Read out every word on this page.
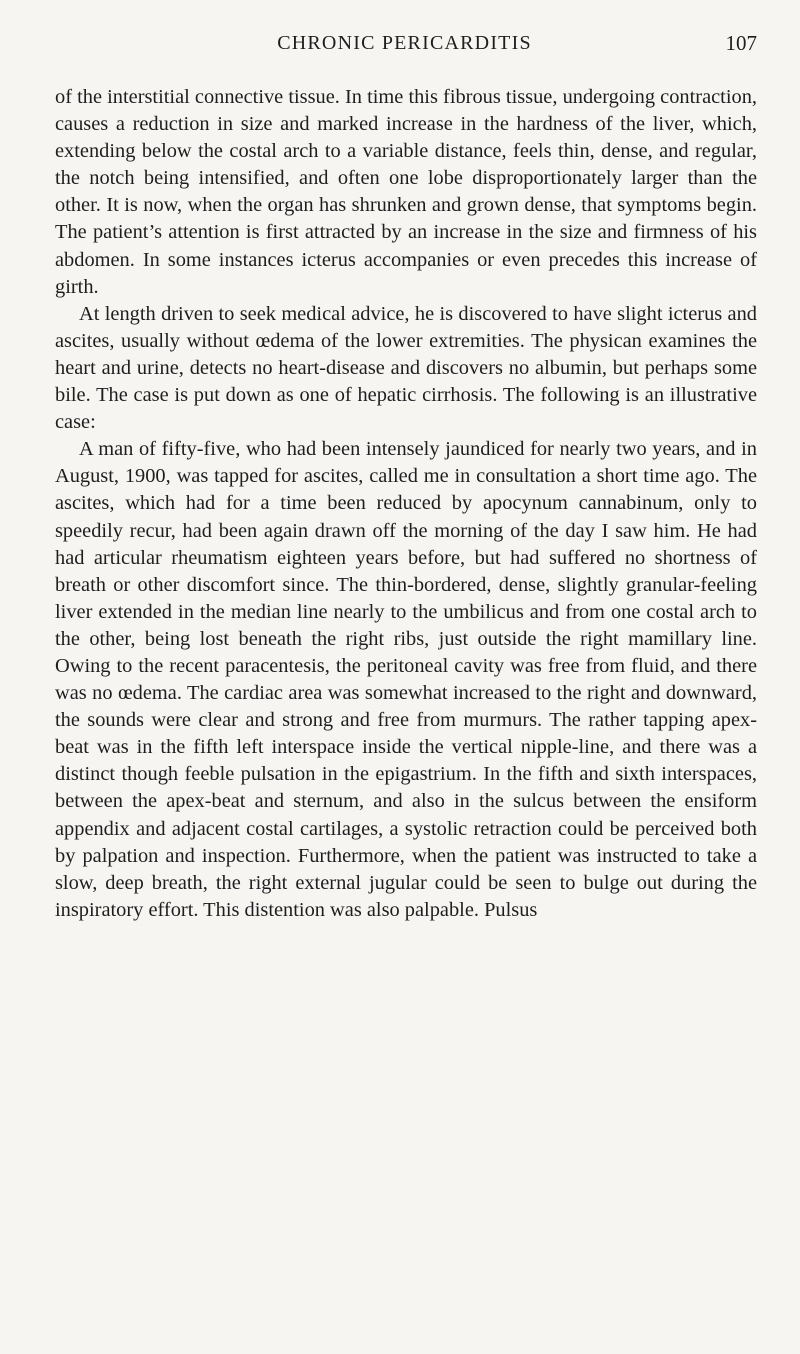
CHRONIC PERICARDITIS	107

of the interstitial connective tissue. In time this fibrous tissue, undergoing contraction, causes a reduction in size and marked increase in the hardness of the liver, which, extending below the costal arch to a variable distance, feels thin, dense, and regular, the notch being intensified, and often one lobe disproportionately larger than the other. It is now, when the organ has shrunken and grown dense, that symptoms begin. The patient’s attention is first attracted by an increase in the size and firmness of his abdomen. In some instances icterus accompanies or even precedes this increase of girth.

At length driven to seek medical advice, he is discovered to have slight icterus and ascites, usually without œdema of the lower extremities. The physican examines the heart and urine, detects no heart-disease and discovers no albumin, but perhaps some bile. The case is put down as one of hepatic cirrhosis. The following is an illustrative case:

A man of fifty-five, who had been intensely jaundiced for nearly two years, and in August, 1900, was tapped for ascites, called me in consultation a short time ago. The ascites, which had for a time been reduced by apocynum cannabinum, only to speedily recur, had been again drawn off the morning of the day I saw him. He had had articular rheumatism eighteen years before, but had suffered no shortness of breath or other discomfort since. The thin-bordered, dense, slightly granular-feeling liver extended in the median line nearly to the umbilicus and from one costal arch to the other, being lost beneath the right ribs, just outside the right mamillary line. Owing to the recent paracentesis, the peritoneal cavity was free from fluid, and there was no œdema. The cardiac area was somewhat increased to the right and downward, the sounds were clear and strong and free from murmurs. The rather tapping apex-beat was in the fifth left interspace inside the vertical nipple-line, and there was a distinct though feeble pulsation in the epigastrium. In the fifth and sixth interspaces, between the apex-beat and sternum, and also in the sulcus between the ensiform appendix and adjacent costal cartilages, a systolic retraction could be perceived both by palpation and inspection. Furthermore, when the patient was instructed to take a slow, deep breath, the right external jugular could be seen to bulge out during the inspiratory effort. This distention was also palpable. Pulsus
